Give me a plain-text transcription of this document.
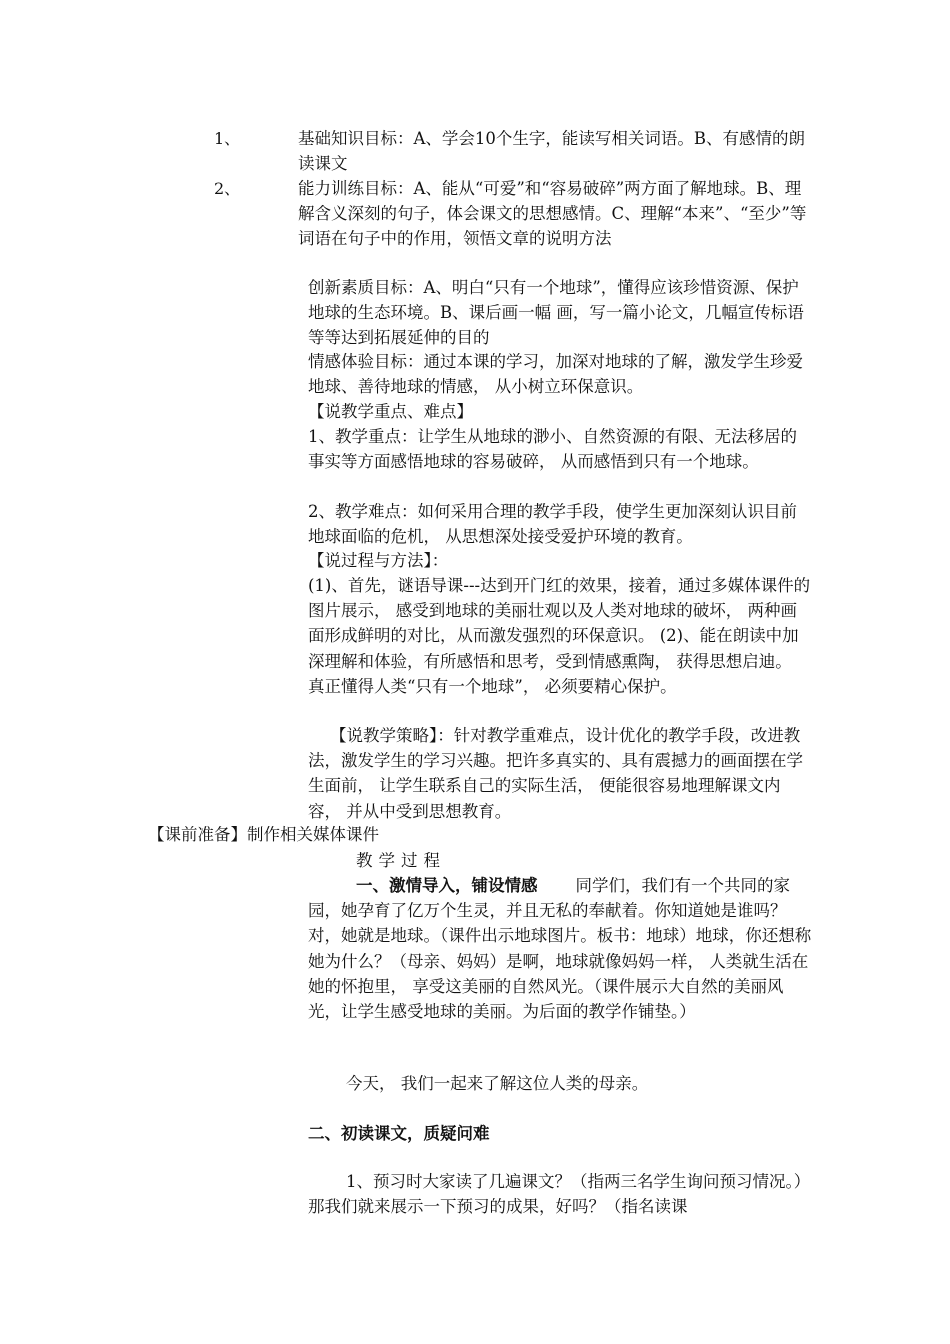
1、	基础知识目标：A、学会10个生字，能读写相关词语。B、有感情的朗读课文
2、	能力训练目标：A、能从“可爱”和“容易破碎”两方面了解地球。B、理解含义深刻的句子，体会课文的思想感情。C、理解“本来”、“至少”等词语在句子中的作用，领悟文章的说明方法
创新素质目标：A、明白“只有一个地球”，懂得应该珍惜资源、保护地球的生态环境。B、课后画一幅 画，写一篇小论文，几幅宣传标语等等达到拓展延伸的目的
情感体验目标：通过本课的学习，加深对地球的了解，激发学生珍爱地球、善待地球的情感， 从小树立环保意识。
【说教学重点、难点】
1、教学重点：让学生从地球的渺小、自然资源的有限、无法移居的事实等方面感悟地球的容易破碎， 从而感悟到只有一个地球。
2、教学难点：如何采用合理的教学手段，使学生更加深刻认识目前地球面临的危机， 从思想深处接受爱护环境的教育。
【说过程与方法】：
(1)、首先，谜语导课---达到开门红的效果，接着，通过多媒体课件的图片展示， 感受到地球的美丽壮观以及人类对地球的破坏， 两种画面形成鲜明的对比，从而激发强烈的环保意识。 (2)、能在朗读中加深理解和体验，有所感悟和思考，受到情感熏陶， 获得思想启迪。 真正懂得人类“只有一个地球”， 必须要精心保护。
【说教学策略】：针对教学重难点，设计优化的教学手段，改进教法，激发学生的学习兴趣。把许多真实的、具有震撼力的画面摆在学生面前， 让学生联系自己的实际生活， 便能很容易地理解课文内容， 并从中受到思想教育。
【课前准备】制作相关媒体课件
教学过程
一、激情导入，铺设情感 同学们，我们有一个共同的家园，她孕育了亿万个生灵，并且无私的奉献着。你知道她是谁吗？对，她就是地球。（课件出示地球图片。板书：地球）地球，你还想称她为什么？（母亲、妈妈）是啊，地球就像妈妈一样， 人类就生活在她的怀抱里， 享受这美丽的自然风光。（课件展示大自然的美丽风光，让学生感受地球的美丽。为后面的教学作铺垫。）
今天， 我们一起来了解这位人类的母亲。
二、初读课文，质疑问难
1、预习时大家读了几遍课文？（指两三名学生询问预习情况。）那我们就来展示一下预习的成果，好吗？（指名读课
